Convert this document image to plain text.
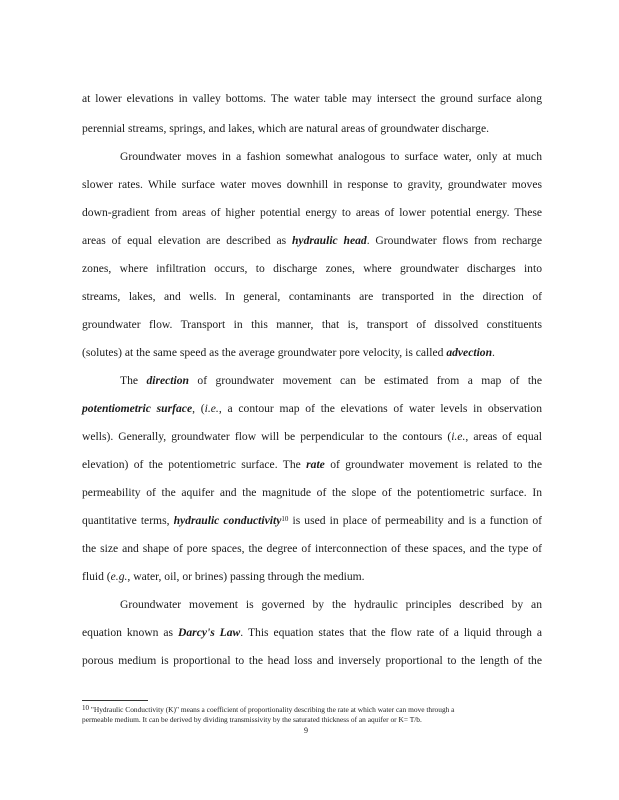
at lower elevations in valley bottoms. The water table may intersect the ground surface along
perennial streams, springs, and lakes, which are natural areas of groundwater discharge.
Groundwater moves in a fashion somewhat analogous to surface water, only at much
slower rates. While surface water moves downhill in response to gravity, groundwater moves
down-gradient from areas of higher potential energy to areas of lower potential energy. These
areas of equal elevation are described as hydraulic head. Groundwater flows from recharge
zones, where infiltration occurs, to discharge zones, where groundwater discharges into
streams, lakes, and wells. In general, contaminants are transported in the direction of
groundwater flow. Transport in this manner, that is, transport of dissolved constituents
(solutes) at the same speed as the average groundwater pore velocity, is called advection.
The direction of groundwater movement can be estimated from a map of the
potentiometric surface, (i.e., a contour map of the elevations of water levels in observation
wells). Generally, groundwater flow will be perpendicular to the contours (i.e., areas of equal
elevation) of the potentiometric surface. The rate of groundwater movement is related to the
permeability of the aquifer and the magnitude of the slope of the potentiometric surface. In
quantitative terms, hydraulic conductivity$^{10}$ is used in place of permeability and is a function of
the size and shape of pore spaces, the degree of interconnection of these spaces, and the type of
fluid (e.g., water, oil, or brines) passing through the medium.
Groundwater movement is governed by the hydraulic principles described by an
equation known as Darcy's Law. This equation states that the flow rate of a liquid through a
porous medium is proportional to the head loss and inversely proportional to the length of the
$^{10}$ "Hydraulic Conductivity (K)" means a coefficient of proportionality describing the rate at which water can move through a
permeable medium. It can be derived by dividing transmissivity by the saturated thickness of an aquifer or K= T/b.
9
